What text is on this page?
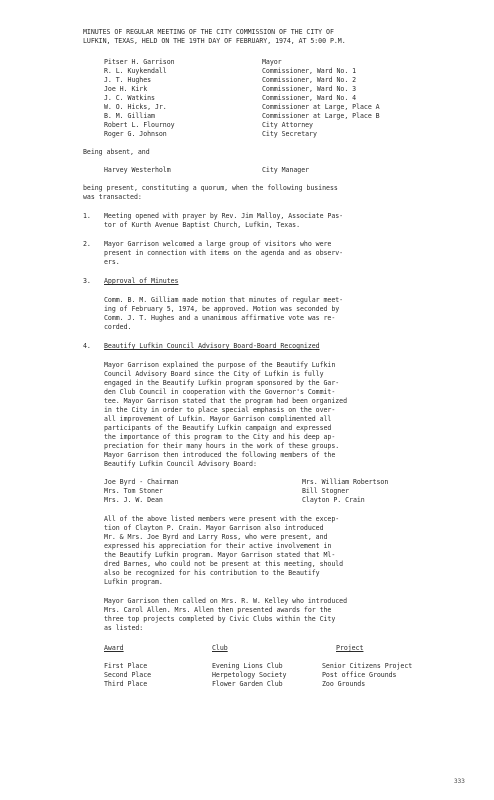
MINUTES OF REGULAR MEETING OF THE CITY COMMISSION OF THE CITY OF
LUFKIN, TEXAS, HELD ON THE 19TH DAY OF FEBRUARY, 1974, AT 5:00 P.M.
Pitser H. Garrison	Mayor
R. L. Kuykendall	Commissioner, Ward No. 1
J. T. Hughes	Commissioner, Ward No. 2
Joe H. Kirk	Commissioner, Ward No. 3
J. C. Watkins	Commissioner, Ward No. 4
W. O. Hicks, Jr.	Commissioner at Large, Place A
B. M. Gilliam	Commissioner at Large, Place B
Robert L. Flournoy	City Attorney
Roger G. Johnson	City Secretary
Being absent, and
Harvey Westerholm	City Manager
being present, constituting a quorum, when the following business
was transacted:
1. Meeting opened with prayer by Rev. Jim Malloy, Associate Pas-
tor of Kurth Avenue Baptist Church, Lufkin, Texas.
2. Mayor Garrison welcomed a large group of visitors who were
present in connection with items on the agenda and as observ-
ers.
3. Approval of Minutes
Comm. B. M. Gilliam made motion that minutes of regular meet-
ing of February 5, 1974, be approved. Motion was seconded by
Comm. J. T. Hughes and a unanimous affirmative vote was re-
corded.
4. Beautify Lufkin Council Advisory Board-Board Recognized
Mayor Garrison explained the purpose of the Beautify Lufkin
Council Advisory Board since the City of Lufkin is fully
engaged in the Beautify Lufkin program sponsored by the Gar-
den Club Council in cooperation with the Governor's Commit-
tee. Mayor Garrison stated that the program had been organized
in the City in order to place special emphasis on the over-
all improvement of Lufkin. Mayor Garrison complimented all
participants of the Beautify Lufkin campaign and expressed
the importance of this program to the City and his deep ap-
preciation for their many hours in the work of these groups.
Mayor Garrison then introduced the following members of the
Beautify Lufkin Council Advisory Board:
Joe Byrd - Chairman	Mrs. William Robertson
Mrs. Tom Stoner	Bill Stogner
Mrs. J. W. Dean	Clayton P. Crain
All of the above listed members were present with the excep-
tion of Clayton P. Crain. Mayor Garrison also introduced
Mr. & Mrs. Joe Byrd and Larry Ross, who were present, and
expressed his appreciation for their active involvement in
the Beautify Lufkin program. Mayor Garrison stated that Ml-
dred Barnes, who could not be present at this meeting, should
also be recognized for his contribution to the Beautify
Lufkin program.
Mayor Garrison then called on Mrs. R. W. Kelley who introduced
Mrs. Carol Allen. Mrs. Allen then presented awards for the
three top projects completed by Civic Clubs within the City
as listed:
Award	Club	Project
First Place	Evening Lions Club	Senior Citizens Project
Second Place	Herpetology Society	Post office Grounds
Third Place	Flower Garden Club	Zoo Grounds
333
